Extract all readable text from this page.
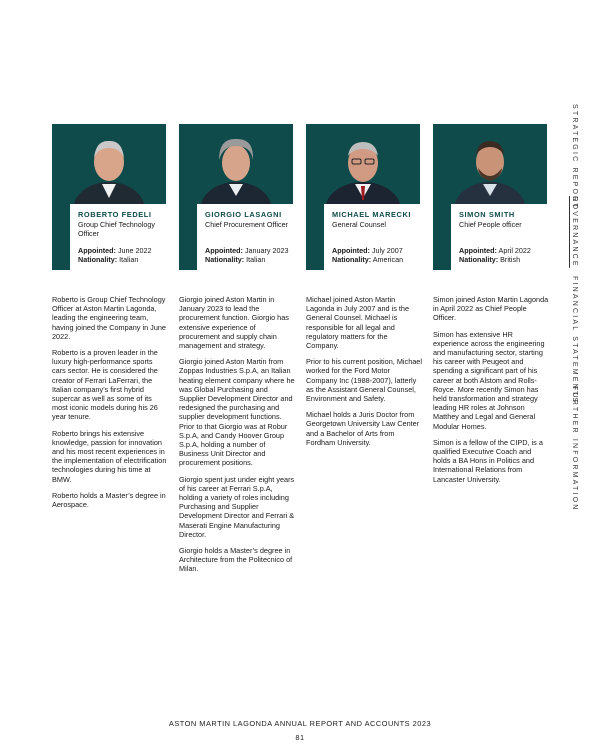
STRATEGIC REPORT
GOVERNANCE
FINANCIAL STATEMENTS
FURTHER INFORMATION
ROBERTO FEDELI
Group Chief Technology Officer
Appointed: June 2022
Nationality: Italian
GIORGIO LASAGNI
Chief Procurement Officer
Appointed: January 2023
Nationality: Italian
MICHAEL MARECKI
General Counsel
Appointed: July 2007
Nationality: American
SIMON SMITH
Chief People officer
Appointed: April 2022
Nationality: British

Roberto is Group Chief Technology Officer at Aston Martin Lagonda, leading the engineering team, having joined the Company in June 2022.

Roberto is a proven leader in the luxury high-performance sports cars sector. He is considered the creator of Ferrari LaFerrari, the Italian company’s first hybrid supercar as well as some of its most iconic models during his 26 year tenure.

Roberto brings his extensive knowledge, passion for innovation and his most recent experiences in the implementation of electrification technologies during his time at BMW.

Roberto holds a Master’s degree in Aerospace.

Giorgio joined Aston Martin in January 2023 to lead the procurement function. Giorgio has extensive experience of procurement and supply chain management and strategy.

Giorgio joined Aston Martin from Zoppas Industries S.p.A, an Italian heating element company where he was Global Purchasing and Supplier Development Director and redesigned the purchasing and supplier development functions. Prior to that Giorgio was at Robur S.p.A, and Candy Hoover Group S.p.A, holding a number of Business Unit Director and procurement positions.

Giorgio spent just under eight years of his career at Ferrari S.p.A, holding a variety of roles including Purchasing and Supplier Development Director and Ferrari & Maserati Engine Manufacturing Director.

Giorgio holds a Master’s degree in Architecture from the Politecnico of Milan.

Michael joined Aston Martin Lagonda in July 2007 and is the General Counsel. Michael is responsible for all legal and regulatory matters for the Company.

Prior to his current position, Michael worked for the Ford Motor Company Inc (1988-2007), latterly as the Assistant General Counsel, Environment and Safety.

Michael holds a Juris Doctor from Georgetown University Law Center and a Bachelor of Arts from Fordham University.

Simon joined Aston Martin Lagonda in April 2022 as Chief People Officer.

Simon has extensive HR experience across the engineering and manufacturing sector, starting his career with Peugeot and spending a significant part of his career at both Alstom and Rolls-Royce. More recently Simon has held transformation and strategy leading HR roles at Johnson Matthey and Legal and General Modular Homes.

Simon is a fellow of the CIPD, is a qualified Executive Coach and holds a BA Hons in Politics and International Relations from Lancaster University.

ASTON MARTIN LAGONDA ANNUAL REPORT AND ACCOUNTS 2023
81
